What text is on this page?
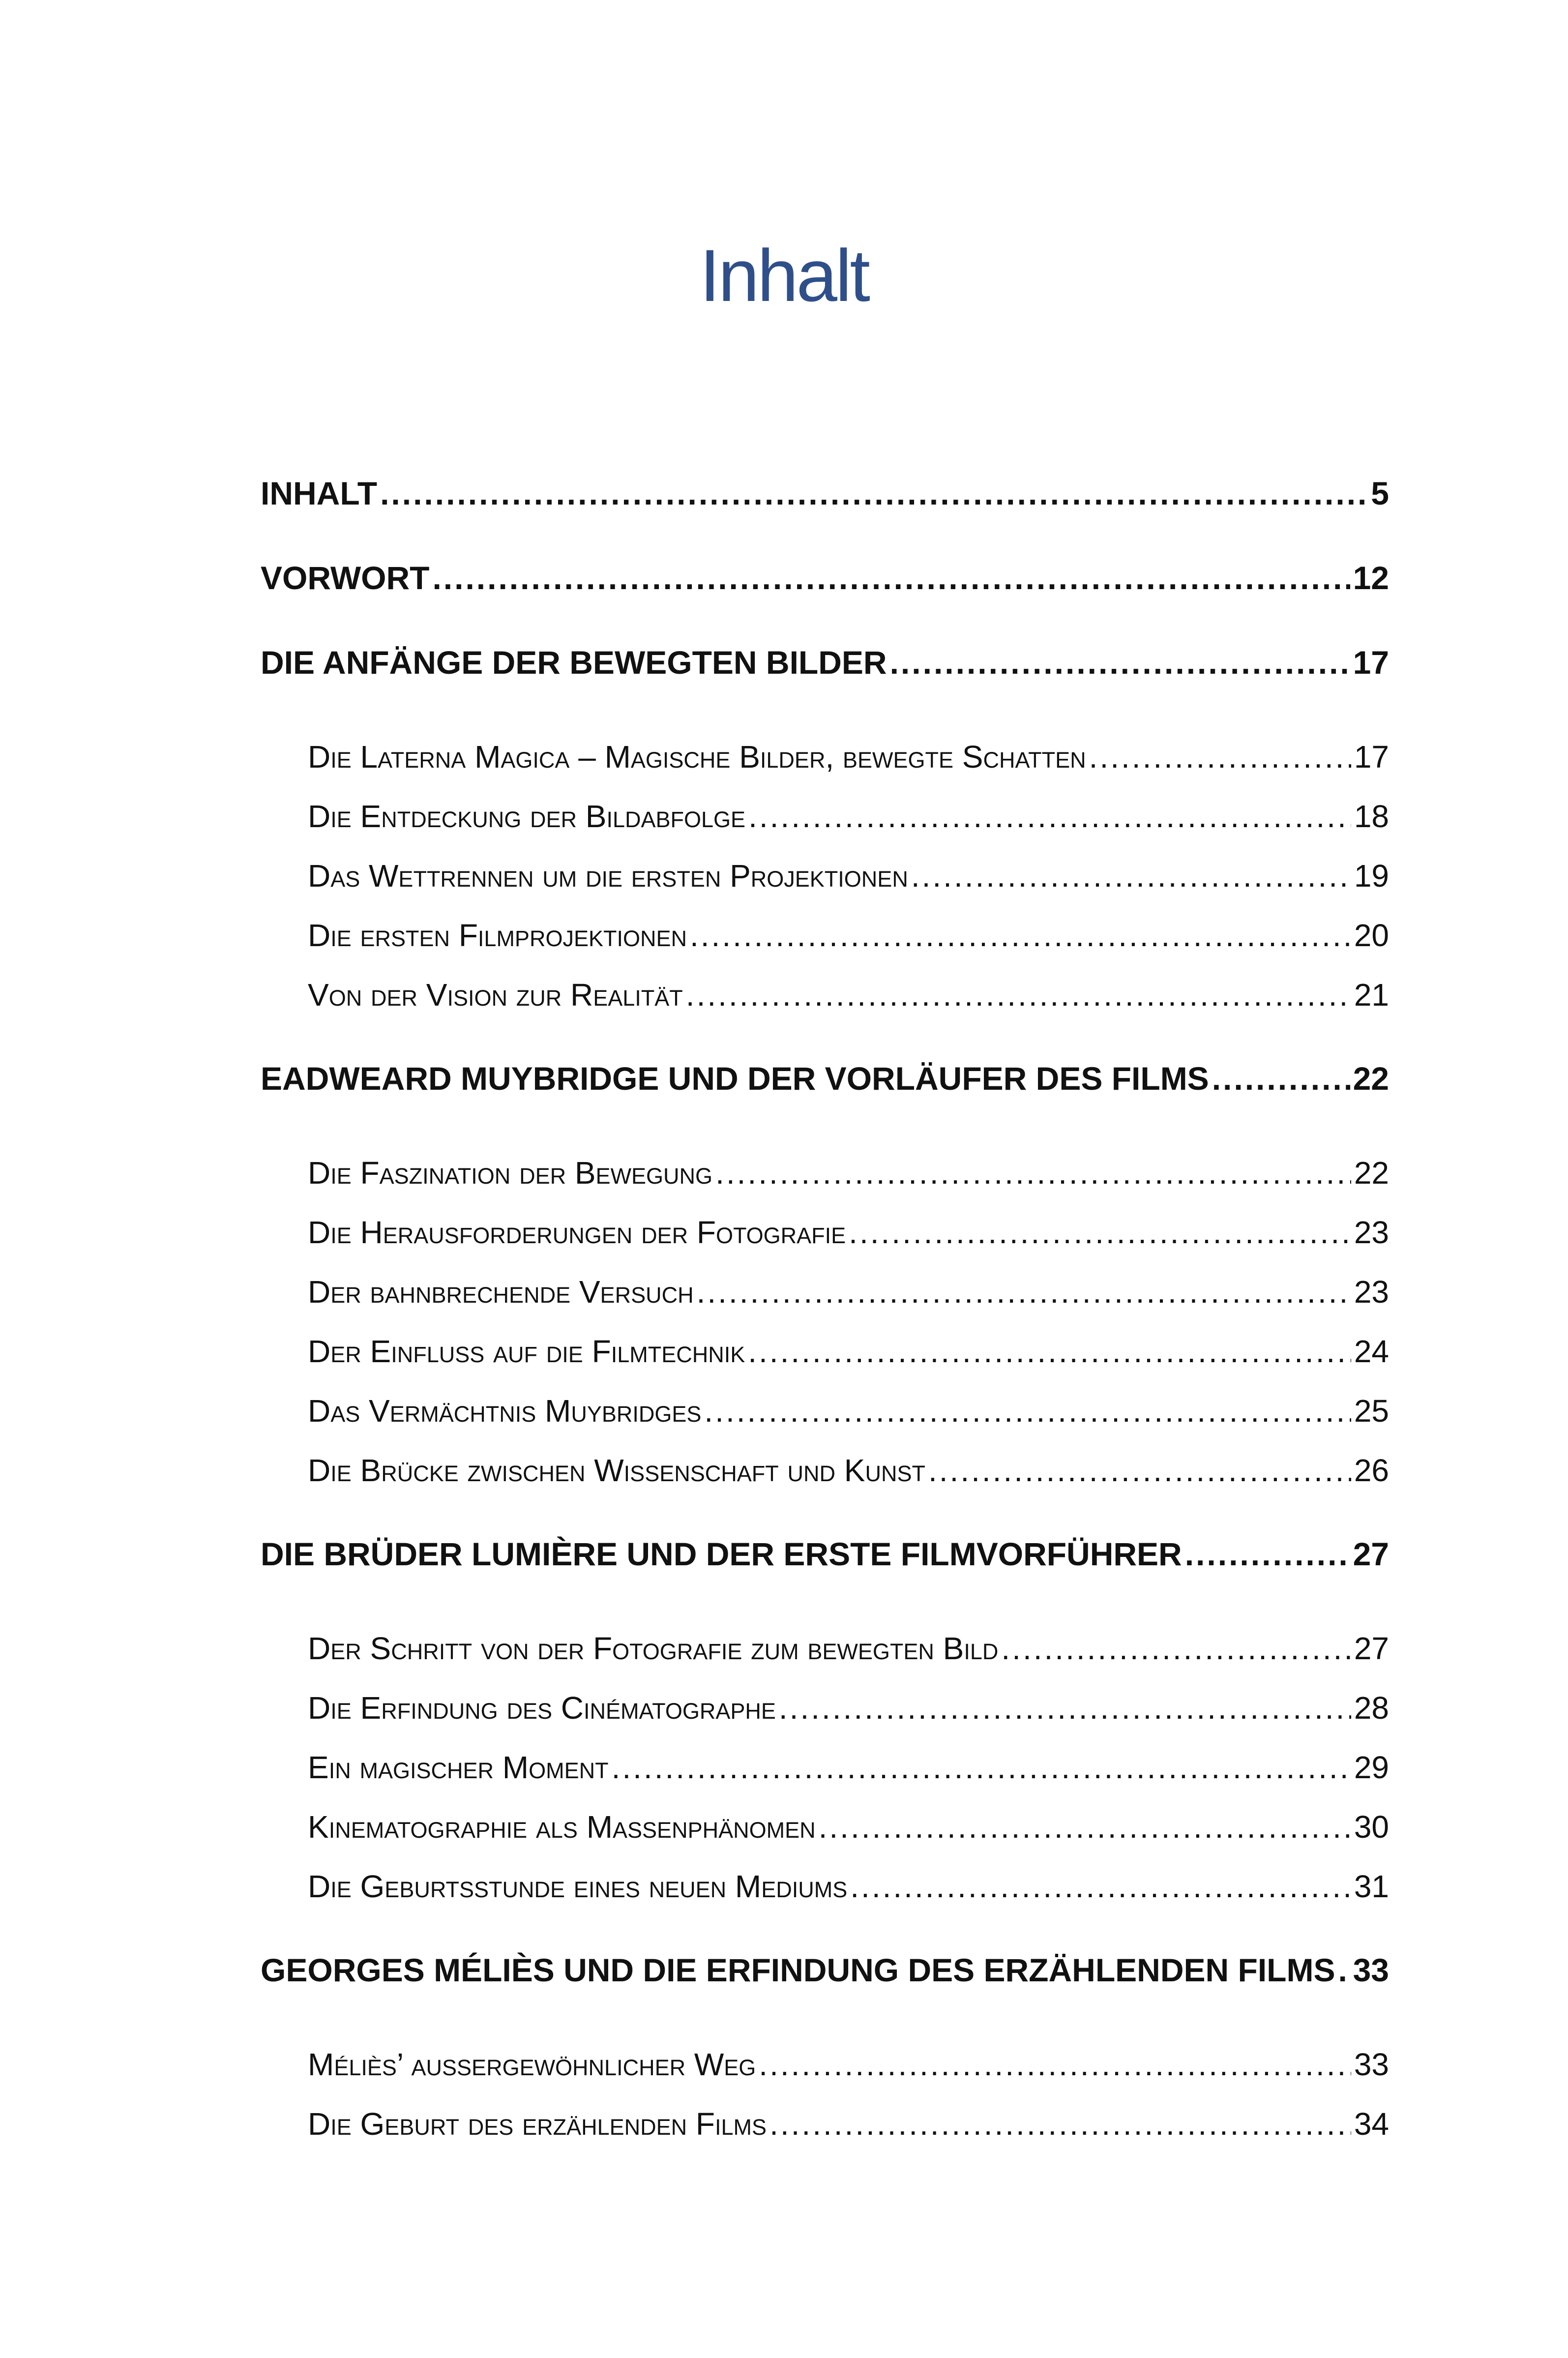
Inhalt
INHALT .....	5
VORWORT .....	12
DIE ANFÄNGE DER BEWEGTEN BILDER .....	17
Die Laterna Magica – Magische Bilder, bewegte Schatten .....	17
Die Entdeckung der Bildabfolge .....	18
Das Wettrennen um die ersten Projektionen .....	19
Die ersten Filmprojektionen .....	20
Von der Vision zur Realität .....	21
EADWEARD MUYBRIDGE UND DER VORLÄUFER DES FILMS .....	22
Die Faszination der Bewegung .....	22
Die Herausforderungen der Fotografie .....	23
Der bahnbrechende Versuch .....	23
Der Einfluss auf die Filmtechnik .....	24
Das Vermächtnis Muybridges .....	25
Die Brücke zwischen Wissenschaft und Kunst .....	26
DIE BRÜDER LUMIÈRE UND DER ERSTE FILMVORFÜHRER .....	27
Der Schritt von der Fotografie zum bewegten Bild .....	27
Die Erfindung des Cinématographe .....	28
Ein magischer Moment .....	29
Kinematographie als Massenphänomen .....	30
Die Geburtsstunde eines neuen Mediums .....	31
GEORGES MÉLIÈS UND DIE ERFINDUNG DES ERZÄHLENDEN FILMS ..... 33
Méliès’ außergewöhnlicher Weg .....	33
Die Geburt des erzählenden Films .....	34
